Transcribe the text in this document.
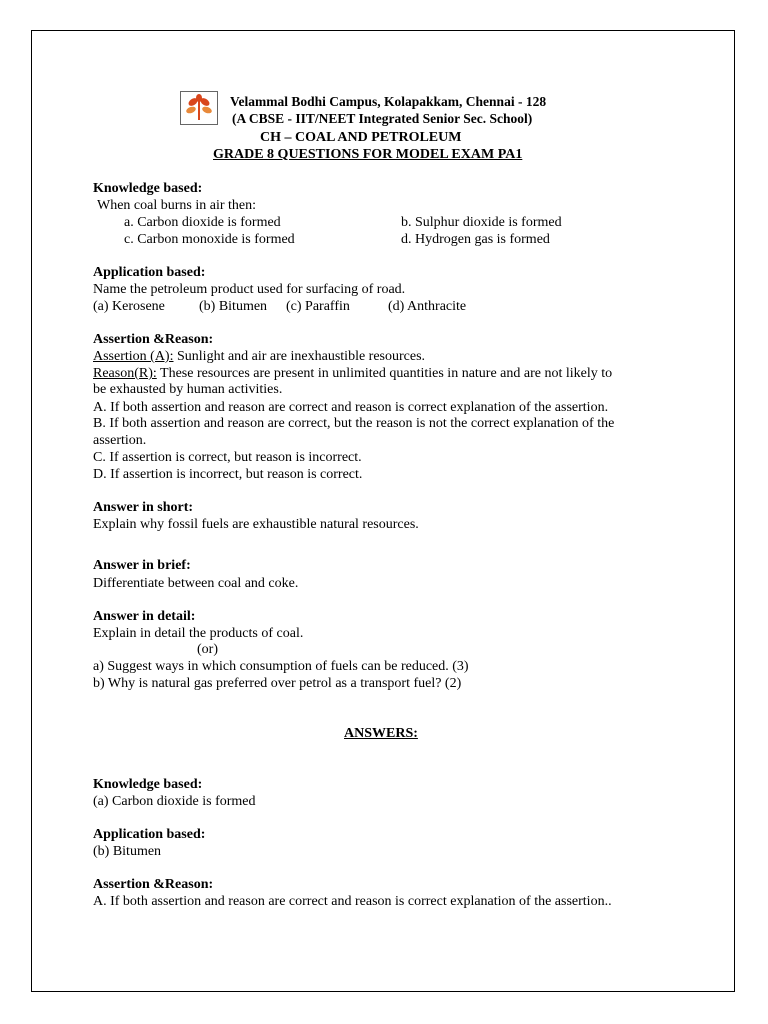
Velammal Bodhi Campus, Kolapakkam, Chennai - 128
(A CBSE - IIT/NEET Integrated Senior Sec. School)
CH – COAL AND PETROLEUM
GRADE 8 QUESTIONS FOR MODEL EXAM PA1
Knowledge based:
When coal burns in air then:
a. Carbon dioxide is formed	b. Sulphur dioxide is formed
c. Carbon monoxide is formed	d. Hydrogen gas is formed
Application based:
Name the petroleum product used for surfacing of road.
(a) Kerosene (b) Bitumen (c) Paraffin	(d) Anthracite
Assertion &Reason:
Assertion (A): Sunlight and air are inexhaustible resources.
Reason(R): These resources are present in unlimited quantities in nature and are not likely to
be exhausted by human activities.
A. If both assertion and reason are correct and reason is correct explanation of the assertion.
B. If both assertion and reason are correct, but the reason is not the correct explanation of the
assertion.
C. If assertion is correct, but reason is incorrect.
D. If assertion is incorrect, but reason is correct.
Answer in short:
Explain why fossil fuels are exhaustible natural resources.
Answer in brief:
Differentiate between coal and coke.
Answer in detail:
Explain in detail the products of coal.
(or)
a) Suggest ways in which consumption of fuels can be reduced. (3)
b) Why is natural gas preferred over petrol as a transport fuel? (2)
ANSWERS:
Knowledge based:
(a) Carbon dioxide is formed
Application based:
(b) Bitumen
Assertion &Reason:
A. If both assertion and reason are correct and reason is correct explanation of the assertion..
